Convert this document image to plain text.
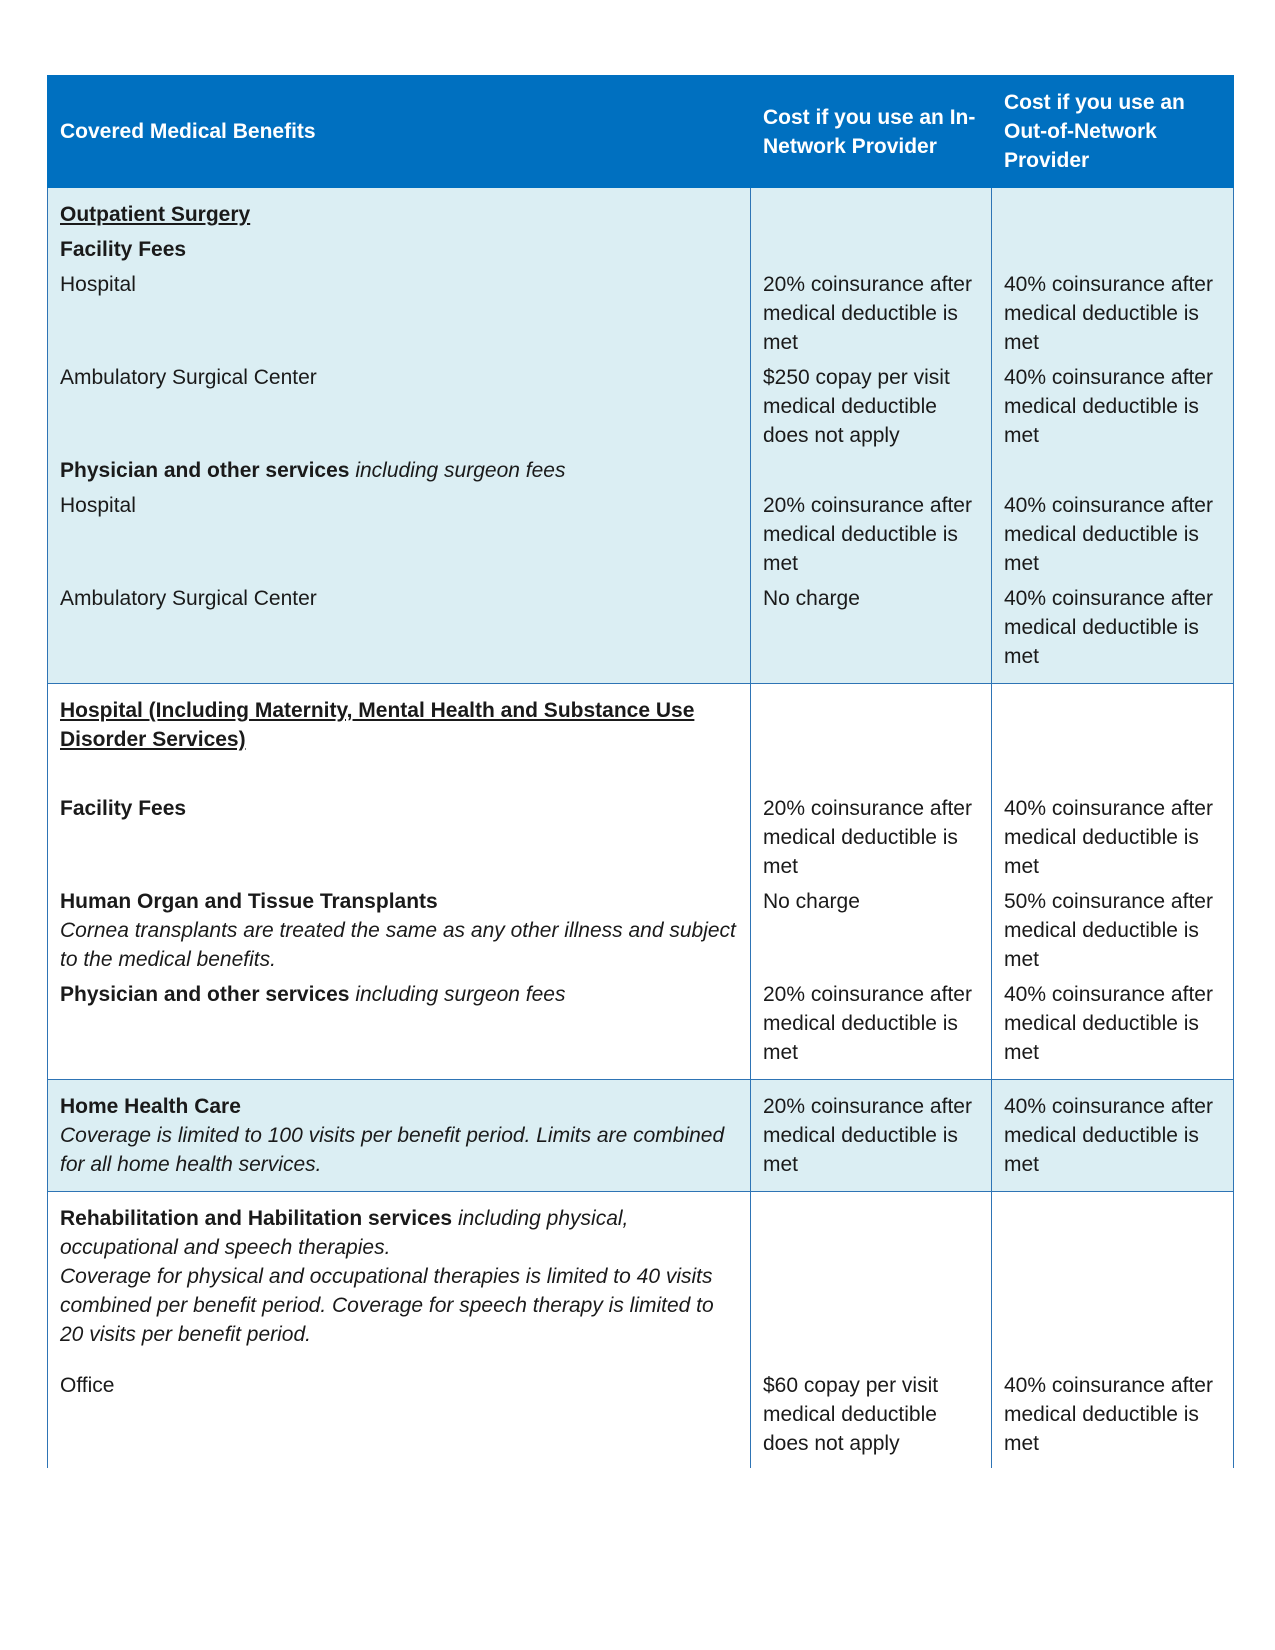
Covered Medical Benefits	Cost if you use an In-Network Provider	Cost if you use an Out-of-Network Provider
Outpatient Surgery		

Facility Fees		

Hospital	20% coinsurance after medical deductible is met	40% coinsurance after medical deductible is met

Ambulatory Surgical Center	$250 copay per visit medical deductible does not apply	40% coinsurance after medical deductible is met

Physician and other services including surgeon fees		

Hospital	20% coinsurance after medical deductible is met	40% coinsurance after medical deductible is met

Ambulatory Surgical Center	No charge	40% coinsurance after medical deductible is met
Hospital (Including Maternity, Mental Health and Substance Use Disorder Services)		
Facility Fees	20% coinsurance after medical deductible is met	40% coinsurance after medical deductible is met

Human Organ and Tissue Transplants
Cornea transplants are treated the same as any other illness and subject to the medical benefits.	No charge	50% coinsurance after medical deductible is met

Physician and other services including surgeon fees	20% coinsurance after medical deductible is met	40% coinsurance after medical deductible is met

Home Health Care
Coverage is limited to 100 visits per benefit period. Limits are combined for all home health services.	20% coinsurance after medical deductible is met	40% coinsurance after medical deductible is met

Rehabilitation and Habilitation services including physical, occupational and speech therapies.
Coverage for physical and occupational therapies is limited to 40 visits combined per benefit period. Coverage for speech therapy is limited to 20 visits per benefit period.		

Office	$60 copay per visit medical deductible does not apply	40% coinsurance after medical deductible is met
